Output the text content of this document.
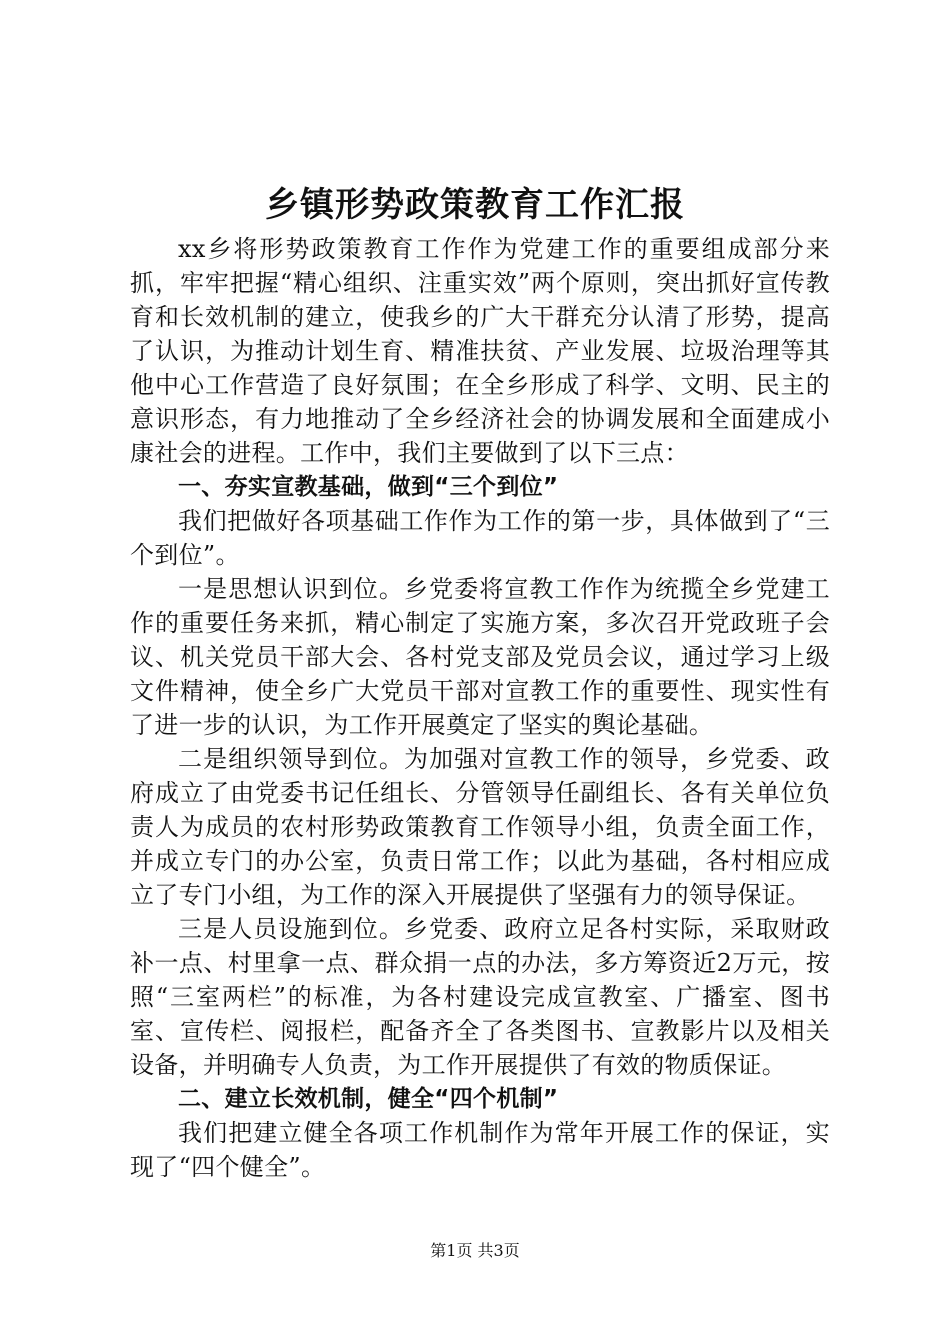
乡镇形势政策教育工作汇报

xx乡将形势政策教育工作作为党建工作的重要组成部分来抓，牢牢把握“精心组织、注重实效”两个原则，突出抓好宣传教育和长效机制的建立，使我乡的广大干群充分认清了形势，提高了认识，为推动计划生育、精准扶贫、产业发展、垃圾治理等其他中心工作营造了良好氛围；在全乡形成了科学、文明、民主的意识形态，有力地推动了全乡经济社会的协调发展和全面建成小康社会的进程。工作中，我们主要做到了以下三点：

一、夯实宣教基础，做到“三个到位”

我们把做好各项基础工作作为工作的第一步，具体做到了“三个到位”。

一是思想认识到位。乡党委将宣教工作作为统揽全乡党建工作的重要任务来抓，精心制定了实施方案，多次召开党政班子会议、机关党员干部大会、各村党支部及党员会议，通过学习上级文件精神，使全乡广大党员干部对宣教工作的重要性、现实性有了进一步的认识，为工作开展奠定了坚实的舆论基础。

二是组织领导到位。为加强对宣教工作的领导，乡党委、政府成立了由党委书记任组长、分管领导任副组长、各有关单位负责人为成员的农村形势政策教育工作领导小组，负责全面工作，并成立专门的办公室，负责日常工作；以此为基础，各村相应成立了专门小组，为工作的深入开展提供了坚强有力的领导保证。

三是人员设施到位。乡党委、政府立足各村实际，采取财政补一点、村里拿一点、群众捐一点的办法，多方筹资近2万元，按照“三室两栏”的标准，为各村建设完成宣教室、广播室、图书室、宣传栏、阅报栏，配备齐全了各类图书、宣教影片以及相关设备，并明确专人负责，为工作开展提供了有效的物质保证。

二、建立长效机制，健全“四个机制”

我们把建立健全各项工作机制作为常年开展工作的保证，实现了“四个健全”。

第1页 共3页
